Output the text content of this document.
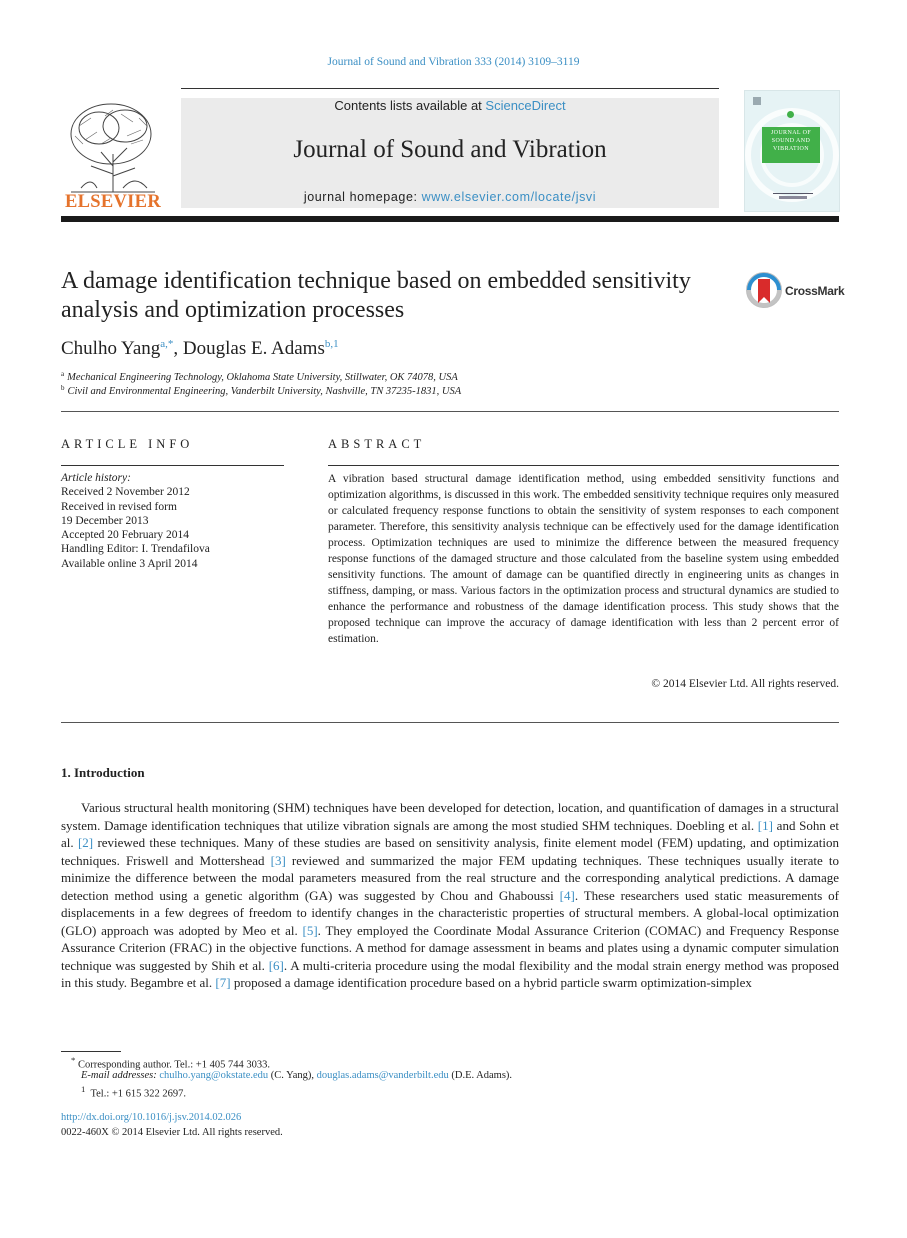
Journal of Sound and Vibration 333 (2014) 3109–3119
ELSEVIER
Contents lists available at ScienceDirect
Journal of Sound and Vibration
journal homepage: www.elsevier.com/locate/jsvi
JOURNAL OF SOUND AND VIBRATION
A damage identification technique based on embedded sensitivity analysis and optimization processes
CrossMark
Chulho Yang$^{a,*}$, Douglas E. Adams$^{b,1}$
$^a$ Mechanical Engineering Technology, Oklahoma State University, Stillwater, OK 74078, USA
$^b$ Civil and Environmental Engineering, Vanderbilt University, Nashville, TN 37235-1831, USA
ARTICLE INFO	ABSTRACT
Article history:
Received 2 November 2012
Received in revised form
19 December 2013
Accepted 20 February 2014
Handling Editor: I. Trendafilova
Available online 3 April 2014
A vibration based structural damage identification method, using embedded sensitivity functions and optimization algorithms, is discussed in this work. The embedded sensitivity technique requires only measured or calculated frequency response functions to obtain the sensitivity of system responses to each component parameter. Therefore, this sensitivity analysis technique can be effectively used for the damage identification process. Optimization techniques are used to minimize the difference between the measured frequency response functions of the damaged structure and those calculated from the baseline system using embedded sensitivity functions. The amount of damage can be quantified directly in engineering units as changes in stiffness, damping, or mass. Various factors in the optimization process and structural dynamics are studied to enhance the performance and robustness of the damage identification process. This study shows that the proposed technique can improve the accuracy of damage identification with less than 2 percent error of estimation.
© 2014 Elsevier Ltd. All rights reserved.
1. Introduction
Various structural health monitoring (SHM) techniques have been developed for detection, location, and quantification of damages in a structural system. Damage identification techniques that utilize vibration signals are among the most studied SHM techniques. Doebling et al. [1] and Sohn et al. [2] reviewed these techniques. Many of these studies are based on sensitivity analysis, finite element model (FEM) updating, and optimization techniques. Friswell and Mottershead [3] reviewed and summarized the major FEM updating techniques. These techniques usually iterate to minimize the difference between the modal parameters measured from the real structure and the corresponding analytical predictions. A damage detection method using a genetic algorithm (GA) was suggested by Chou and Ghaboussi [4]. These researchers used static measurements of displacements in a few degrees of freedom to identify changes in the characteristic properties of structural members. A global-local optimization (GLO) approach was adopted by Meo et al. [5]. They employed the Coordinate Modal Assurance Criterion (COMAC) and Frequency Response Assurance Criterion (FRAC) in the objective functions. A method for damage assessment in beams and plates using a dynamic computer simulation technique was suggested by Shih et al. [6]. A multi-criteria procedure using the modal flexibility and the modal strain energy method was proposed in this study. Begambre et al. [7] proposed a damage identification procedure based on a hybrid particle swarm optimization-simplex
* Corresponding author. Tel.: +1 405 744 3033.
E-mail addresses: chulho.yang@okstate.edu (C. Yang), douglas.adams@vanderbilt.edu (D.E. Adams).
$^1$ Tel.: +1 615 322 2697.
http://dx.doi.org/10.1016/j.jsv.2014.02.026
0022-460X © 2014 Elsevier Ltd. All rights reserved.
